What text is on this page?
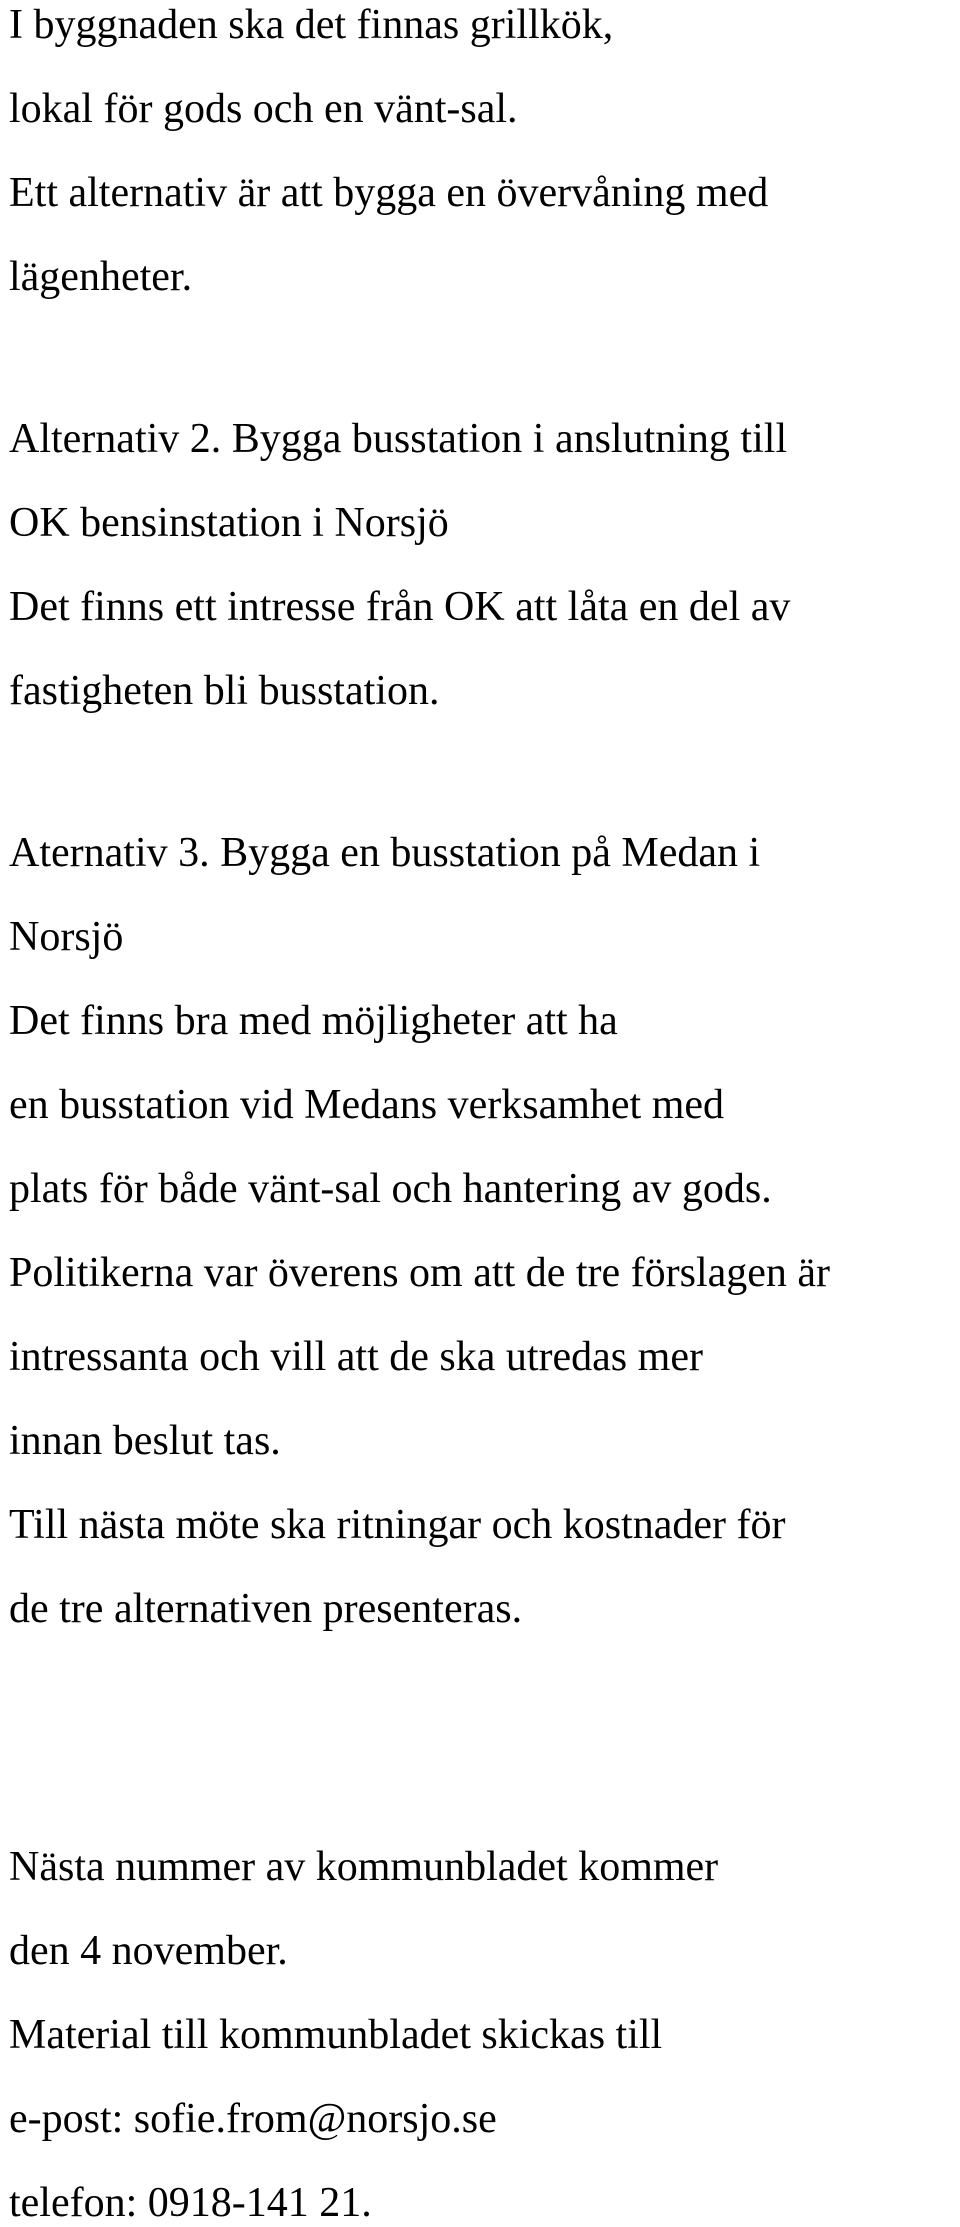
I byggnaden ska det finnas grillkök,

lokal för gods och en vänt-sal.

Ett alternativ är att bygga en övervåning med

lägenheter.

Alternativ 2. Bygga busstation i anslutning till

OK bensinstation i Norsjö

Det finns ett intresse från OK att låta en del av

fastigheten bli busstation.

Aternativ 3. Bygga en busstation på Medan i

Norsjö

Det finns bra med möjligheter att ha

en busstation vid Medans verksamhet med

plats för både vänt-sal och hantering av gods.

Politikerna var överens om att de tre förslagen är

intressanta och vill att de ska utredas mer

innan beslut tas.

Till nästa möte ska ritningar och kostnader för

de tre alternativen presenteras.

Nästa nummer av kommunbladet kommer

den 4 november.

Material till kommunbladet skickas till

e-post: sofie.from@norsjo.se

telefon: 0918-141 21.
